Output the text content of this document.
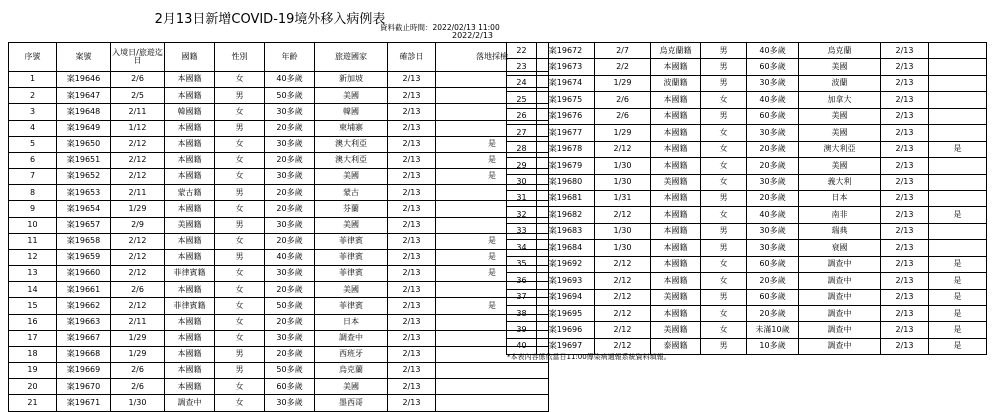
2月13日新增COVID-19境外移入病例表
資料截止時間：2022/02/13 11:00
2022/2/13
序號	案號	入境日/旅遊迄日	國籍	性別	年齡	旅遊國家	確診日	落地採檢
1	案19646	2/6	本國籍	女	40多歲	新加坡	2/13	
2	案19647	2/5	本國籍	男	50多歲	美國	2/13	
3	案19648	2/11	韓國籍	女	30多歲	韓國	2/13	
4	案19649	1/12	本國籍	男	20多歲	柬埔寨	2/13	
5	案19650	2/12	本國籍	女	30多歲	澳大利亞	2/13	是
6	案19651	2/12	本國籍	女	20多歲	澳大利亞	2/13	是
7	案19652	2/12	本國籍	女	30多歲	美國	2/13	是
8	案19653	2/11	蒙古籍	男	20多歲	蒙古	2/13	
9	案19654	1/29	本國籍	女	20多歲	芬蘭	2/13	
10	案19657	2/9	美國籍	男	30多歲	美國	2/13	
11	案19658	2/12	本國籍	女	20多歲	菲律賓	2/13	是
12	案19659	2/12	本國籍	男	40多歲	菲律賓	2/13	是
13	案19660	2/12	菲律賓籍	女	30多歲	菲律賓	2/13	是
14	案19661	2/6	本國籍	女	20多歲	美國	2/13	
15	案19662	2/12	菲律賓籍	女	50多歲	菲律賓	2/13	是
16	案19663	2/11	本國籍	女	20多歲	日本	2/13	
17	案19667	1/29	本國籍	女	30多歲	調查中	2/13	
18	案19668	1/29	本國籍	男	20多歲	西班牙	2/13	
19	案19669	2/6	本國籍	男	50多歲	烏克蘭	2/13	
20	案19670	2/6	本國籍	女	60多歲	美國	2/13	
21	案19671	1/30	調查中	女	30多歲	墨西哥	2/13	
22	案19672	2/7	烏克蘭籍	男	40多歲	烏克蘭	2/13	
23	案19673	2/2	本國籍	男	60多歲	美國	2/13	
24	案19674	1/29	波蘭籍	男	30多歲	波蘭	2/13	
25	案19675	2/6	本國籍	女	40多歲	加拿大	2/13	
26	案19676	2/6	本國籍	男	60多歲	美國	2/13	
27	案19677	1/29	本國籍	女	30多歲	美國	2/13	
28	案19678	2/12	本國籍	女	20多歲	澳大利亞	2/13	是
29	案19679	1/30	本國籍	女	20多歲	美國	2/13	
30	案19680	1/30	美國籍	女	30多歲	義大利	2/13	
31	案19681	1/31	本國籍	男	20多歲	日本	2/13	
32	案19682	2/12	本國籍	女	40多歲	南非	2/13	是
33	案19683	1/30	本國籍	男	30多歲	瑞典	2/13	
34	案19684	1/30	本國籍	男	30多歲	衰國	2/13	
35	案19692	2/12	本國籍	女	60多歲	調查中	2/13	是
36	案19693	2/12	本國籍	女	20多歲	調查中	2/13	是
37	案19694	2/12	美國籍	男	60多歲	調查中	2/13	是
38	案19695	2/12	本國籍	女	20多歲	調查中	2/13	是
39	案19696	2/12	美國籍	女	未滿10歲	調查中	2/13	是
40	案19697	2/12	泰國籍	男	10多歲	調查中	2/13	是
*本表內容係依當日11:00傳染病通報系統資料填報。
